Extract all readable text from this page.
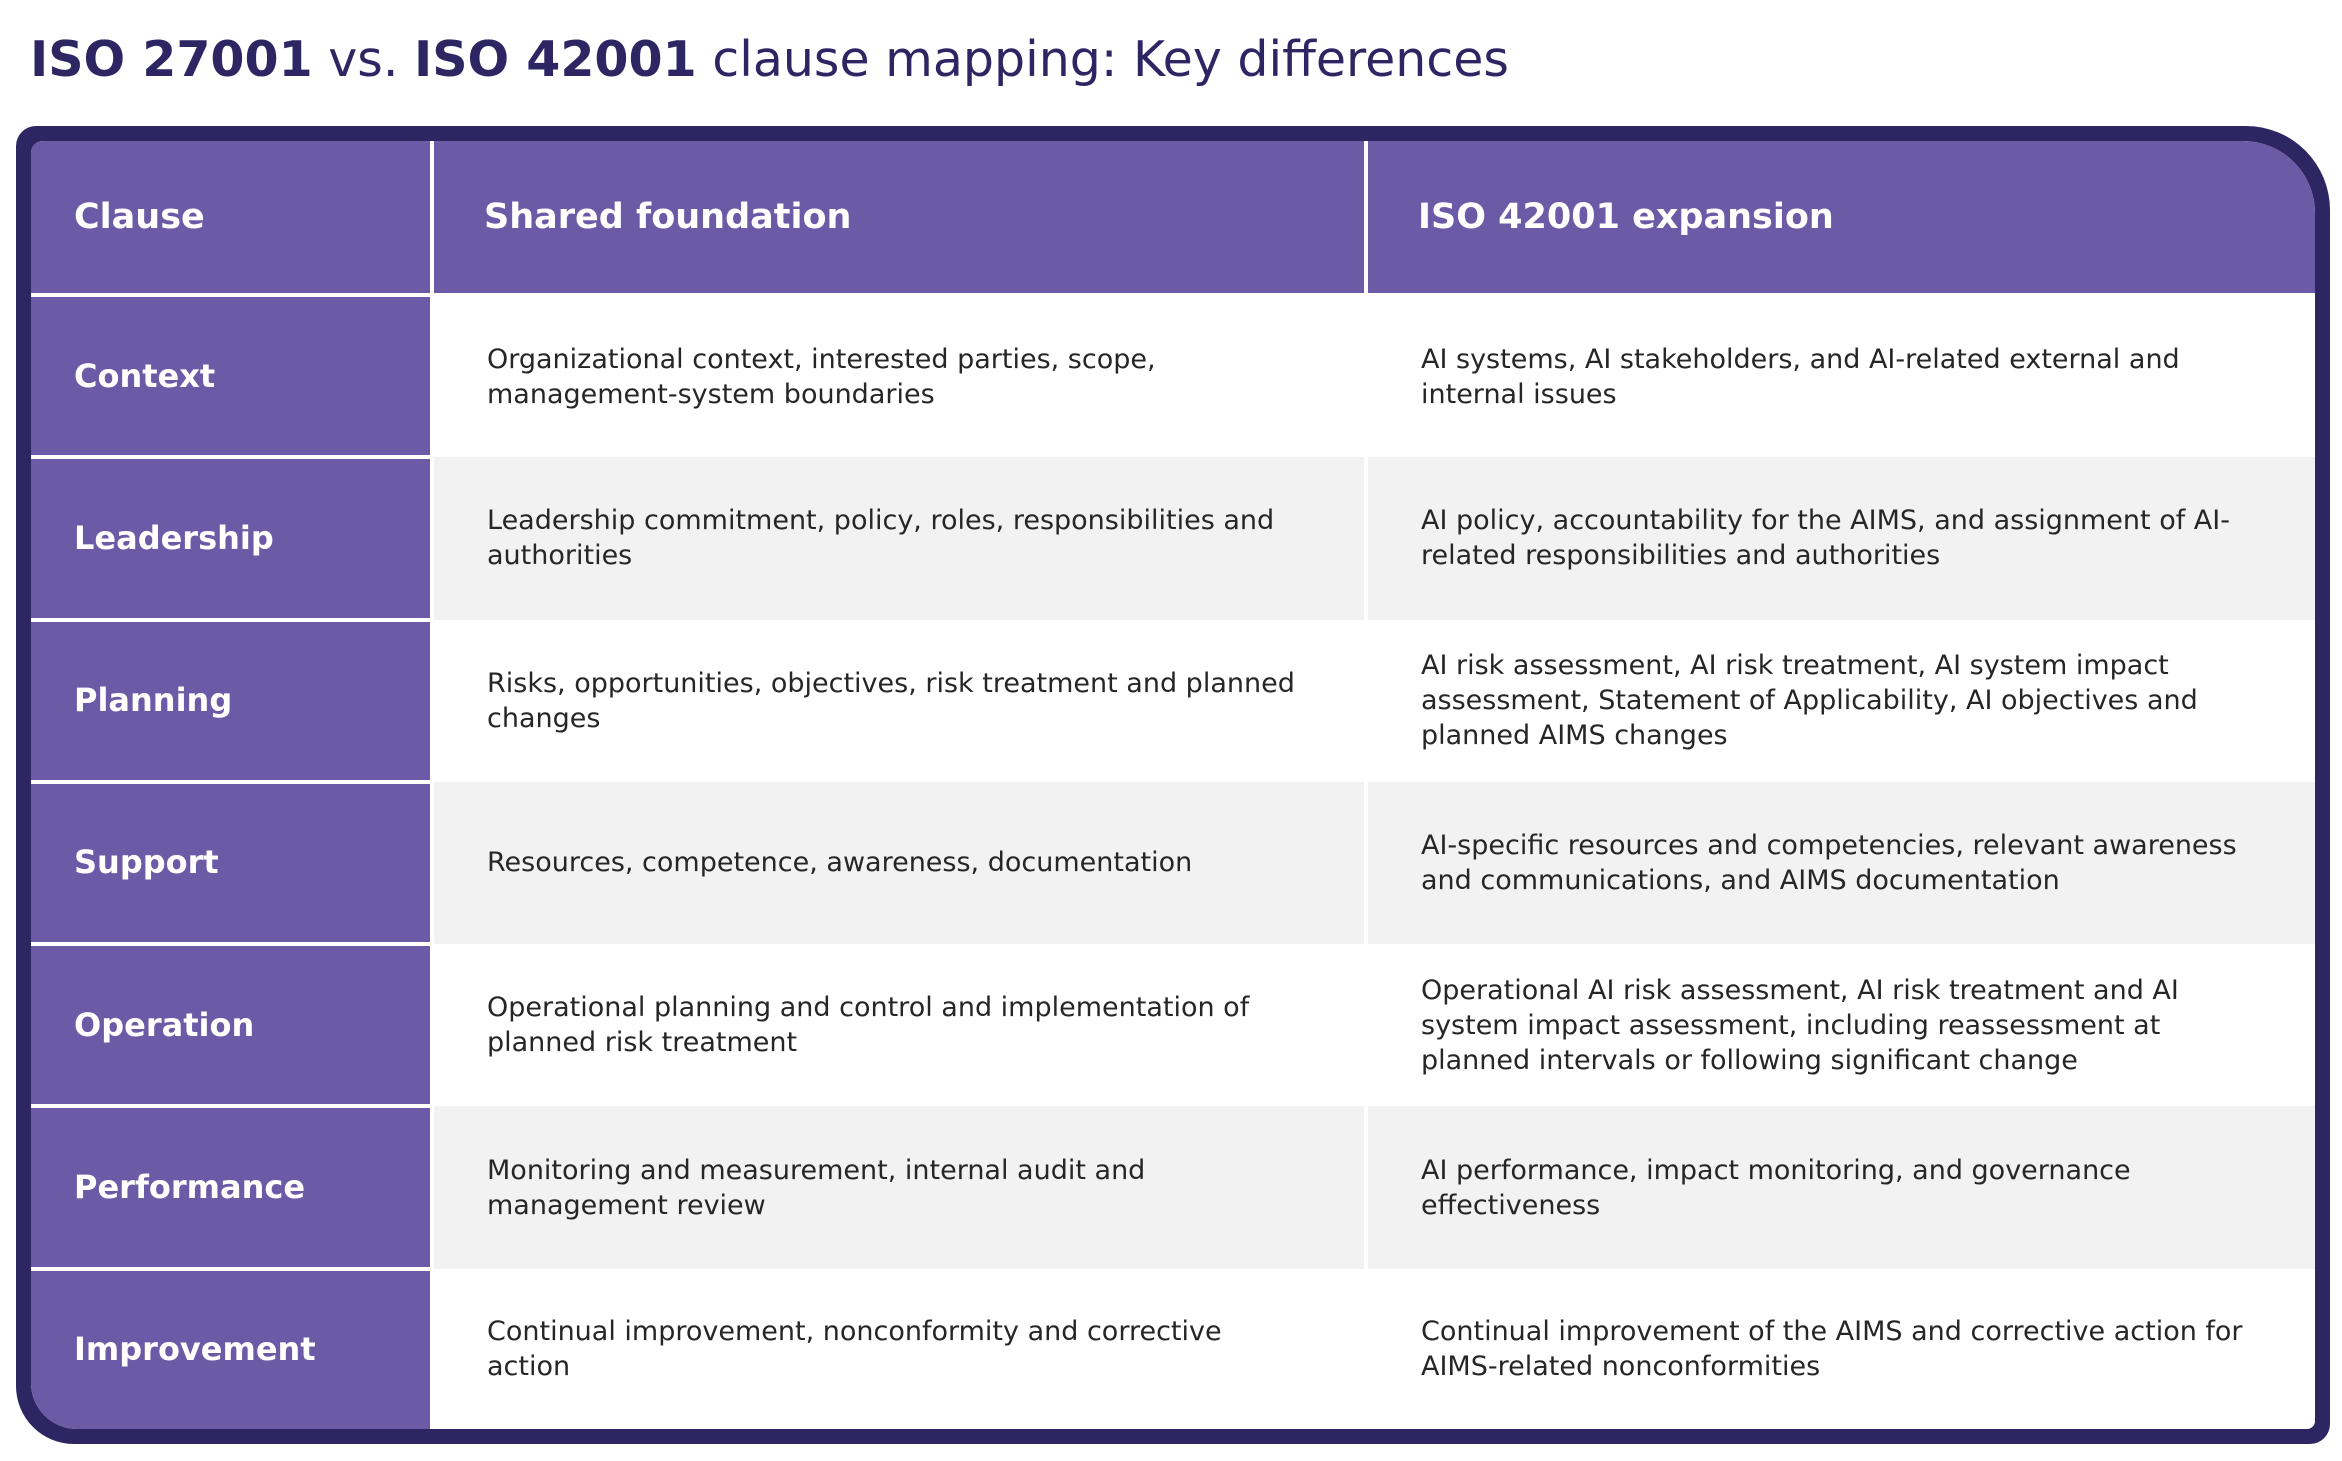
ISO 27001 vs. ISO 42001 clause mapping: Key differences
Clause	Shared foundation	ISO 42001 expansion
Context	Organizational context, interested parties, scope, management-system boundaries	AI systems, AI stakeholders, and AI-related external and internal issues
Leadership	Leadership commitment, policy, roles, responsibilities and authorities	AI policy, accountability for the AIMS, and assignment of AI-related responsibilities and authorities
Planning	Risks, opportunities, objectives, risk treatment and planned changes	AI risk assessment, AI risk treatment, AI system impact assessment, Statement of Applicability, AI objectives and planned AIMS changes
Support	Resources, competence, awareness, documentation	AI-specific resources and competencies, relevant awareness and communications, and AIMS documentation
Operation	Operational planning and control and implementation of planned risk treatment	Operational AI risk assessment, AI risk treatment and AI system impact assessment, including reassessment at planned intervals or following significant change
Performance	Monitoring and measurement, internal audit and management review	AI performance, impact monitoring, and governance effectiveness
Improvement	Continual improvement, nonconformity and corrective action	Continual improvement of the AIMS and corrective action for AIMS-related nonconformities
